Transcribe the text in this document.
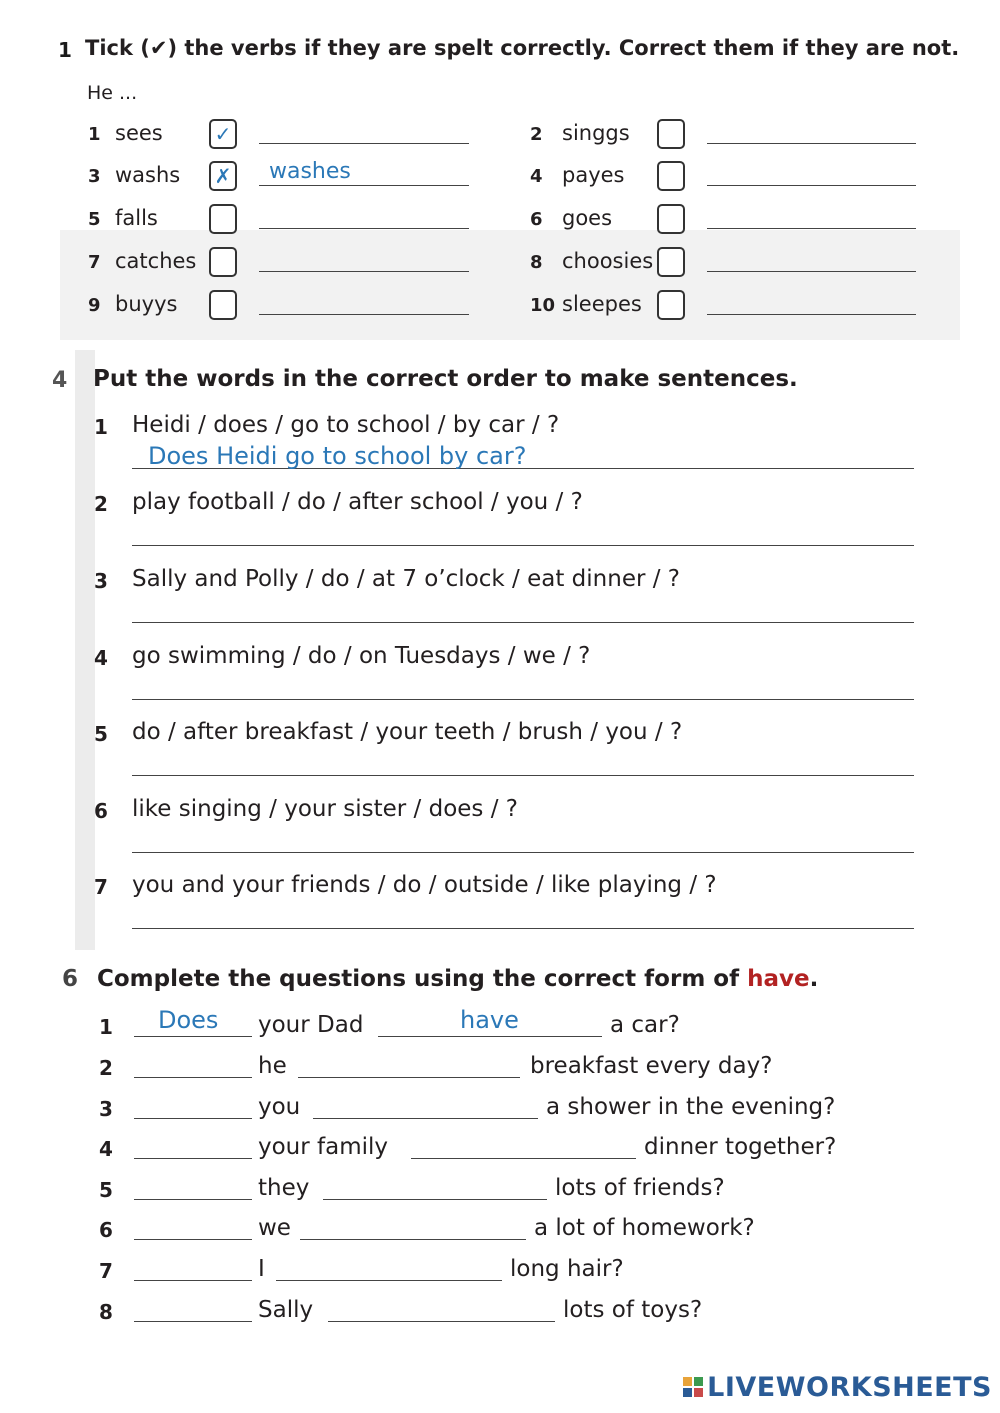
1 Tick (✔) the verbs if they are spelt correctly. Correct them if they are not.
He ...
1 sees	✓	2 singgs
3 washs ✗ washes	4 payes
5 falls	6 goes
7 catches	8 choosies
9 buyys	10 sleepes
4 Put the words in the correct order to make sentences.
1 Heidi / does / go to school / by car / ?
Does Heidi go to school by car?
2 play football / do / after school / you / ?
3 Sally and Polly / do / at 7 o’clock / eat dinner / ?
4 go swimming / do / on Tuesdays / we / ?
5 do / after breakfast / your teeth / brush / you / ?
6 like singing / your sister / does / ?
7 you and your friends / do / outside / like playing / ?
6 Complete the questions using the correct form of have.
1 Does your Dad	have	a car?
2	he	breakfast every day?
3	you	a shower in the evening?
4	your family	dinner together?
5	they	lots of friends?
6	we	a lot of homework?
7	I	long hair?
8	Sally	lots of toys?
LIVEWORKSHEETS
